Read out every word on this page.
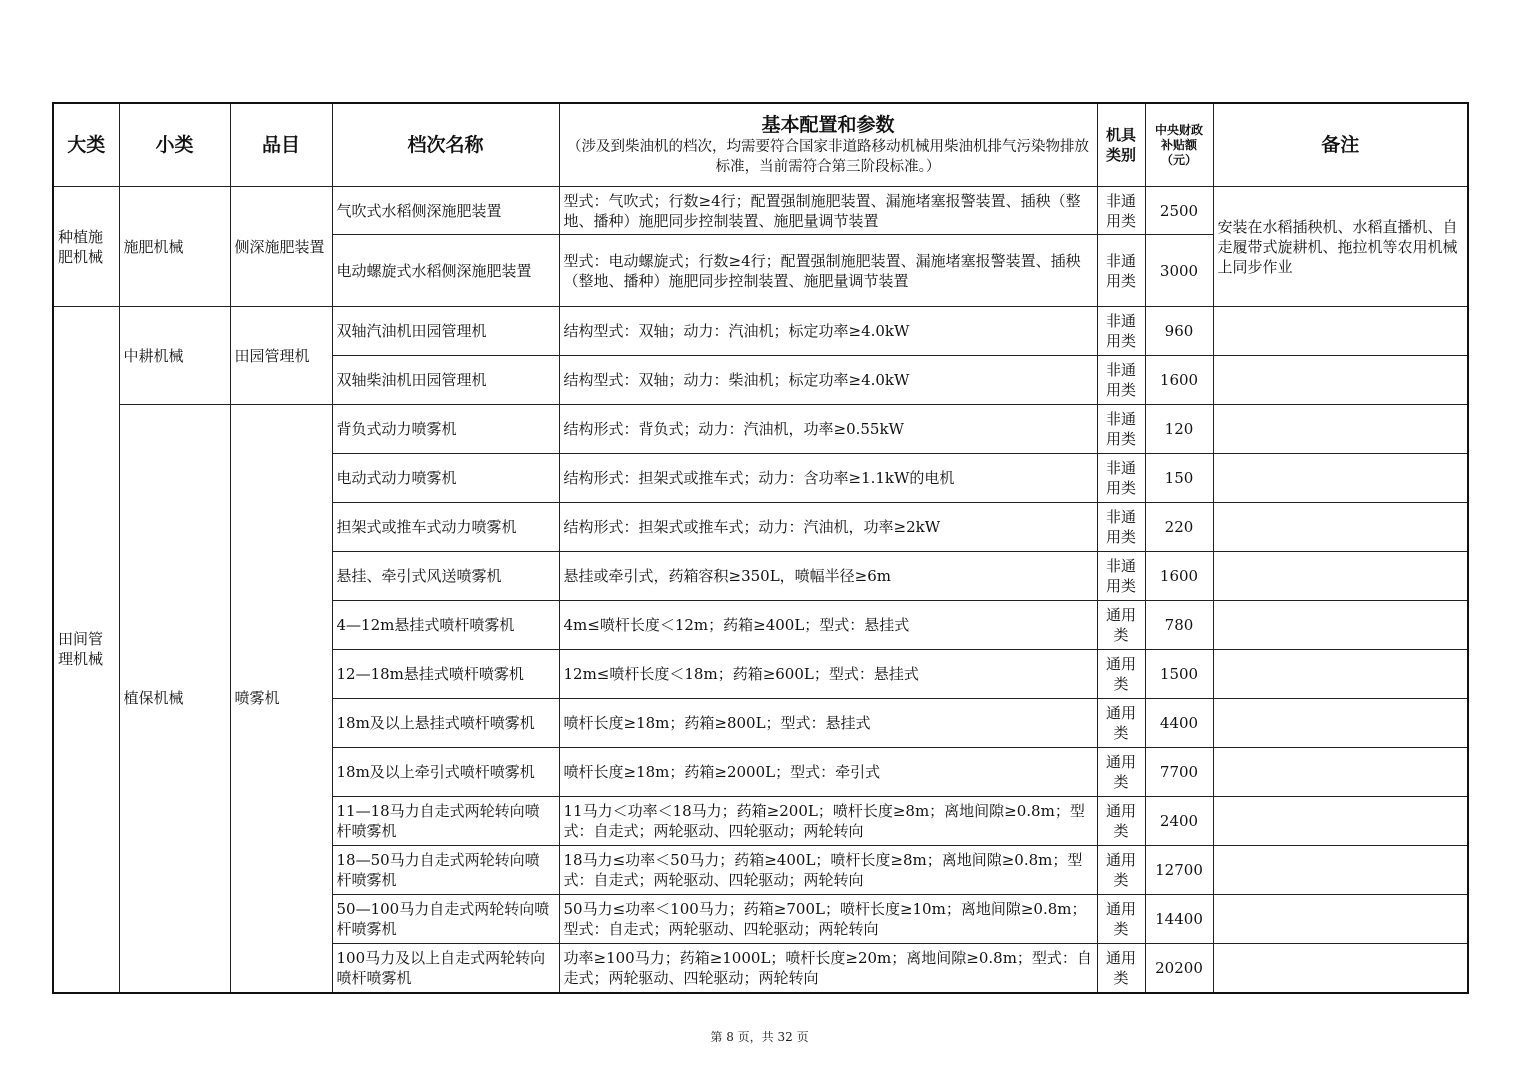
大类	小类	品目	档次名称	基本配置和参数
（涉及到柴油机的档次，均需要符合国家非道路移动机械用柴油机排气污染物排放标准，当前需符合第三阶段标准。）	机具类别	中央财政补贴额（元）	备注
种植施肥机械	施肥机械	侧深施肥装置	气吹式水稻侧深施肥装置	型式：气吹式；行数≥4行；配置强制施肥装置、漏施堵塞报警装置、插秧（整地、播种）施肥同步控制装置、施肥量调节装置	非通用类	2500	安装在水稻插秧机、水稻直播机、自走履带式旋耕机、拖拉机等农用机械上同步作业
			电动螺旋式水稻侧深施肥装置	型式：电动螺旋式；行数≥4行；配置强制施肥装置、漏施堵塞报警装置、插秧（整地、播种）施肥同步控制装置、施肥量调节装置	非通用类	3000	
田间管理机械	中耕机械	田园管理机	双轴汽油机田园管理机	结构型式：双轴；动力：汽油机；标定功率≥4.0kW	非通用类	960	
			双轴柴油机田园管理机	结构型式：双轴；动力：柴油机；标定功率≥4.0kW	非通用类	1600	
	植保机械	喷雾机	背负式动力喷雾机	结构形式：背负式；动力：汽油机，功率≥0.55kW	非通用类	120	
			电动式动力喷雾机	结构形式：担架式或推车式；动力：含功率≥1.1kW的电机	非通用类	150	
			担架式或推车式动力喷雾机	结构形式：担架式或推车式；动力：汽油机，功率≥2kW	非通用类	220	
			悬挂、牵引式风送喷雾机	悬挂或牵引式，药箱容积≥350L，喷幅半径≥6m	非通用类	1600	
			4—12m悬挂式喷杆喷雾机	4m≤喷杆长度＜12m；药箱≥400L；型式：悬挂式	通用类	780	
			12—18m悬挂式喷杆喷雾机	12m≤喷杆长度＜18m；药箱≥600L；型式：悬挂式	通用类	1500	
			18m及以上悬挂式喷杆喷雾机	喷杆长度≥18m；药箱≥800L；型式：悬挂式	通用类	4400	
			18m及以上牵引式喷杆喷雾机	喷杆长度≥18m；药箱≥2000L；型式：牵引式	通用类	7700	
			11—18马力自走式两轮转向喷杆喷雾机	11马力＜功率＜18马力；药箱≥200L；喷杆长度≥8m；离地间隙≥0.8m；型式：自走式；两轮驱动、四轮驱动；两轮转向	通用类	2400	
			18—50马力自走式两轮转向喷杆喷雾机	18马力≤功率＜50马力；药箱≥400L；喷杆长度≥8m；离地间隙≥0.8m；型式：自走式；两轮驱动、四轮驱动；两轮转向	通用类	12700	
			50—100马力自走式两轮转向喷杆喷雾机	50马力≤功率＜100马力；药箱≥700L；喷杆长度≥10m；离地间隙≥0.8m；型式：自走式；两轮驱动、四轮驱动；两轮转向	通用类	14400	
			100马力及以上自走式两轮转向喷杆喷雾机	功率≥100马力；药箱≥1000L；喷杆长度≥20m；离地间隙≥0.8m；型式：自走式；两轮驱动、四轮驱动；两轮转向	通用类	20200	
第 8 页，共 32 页
